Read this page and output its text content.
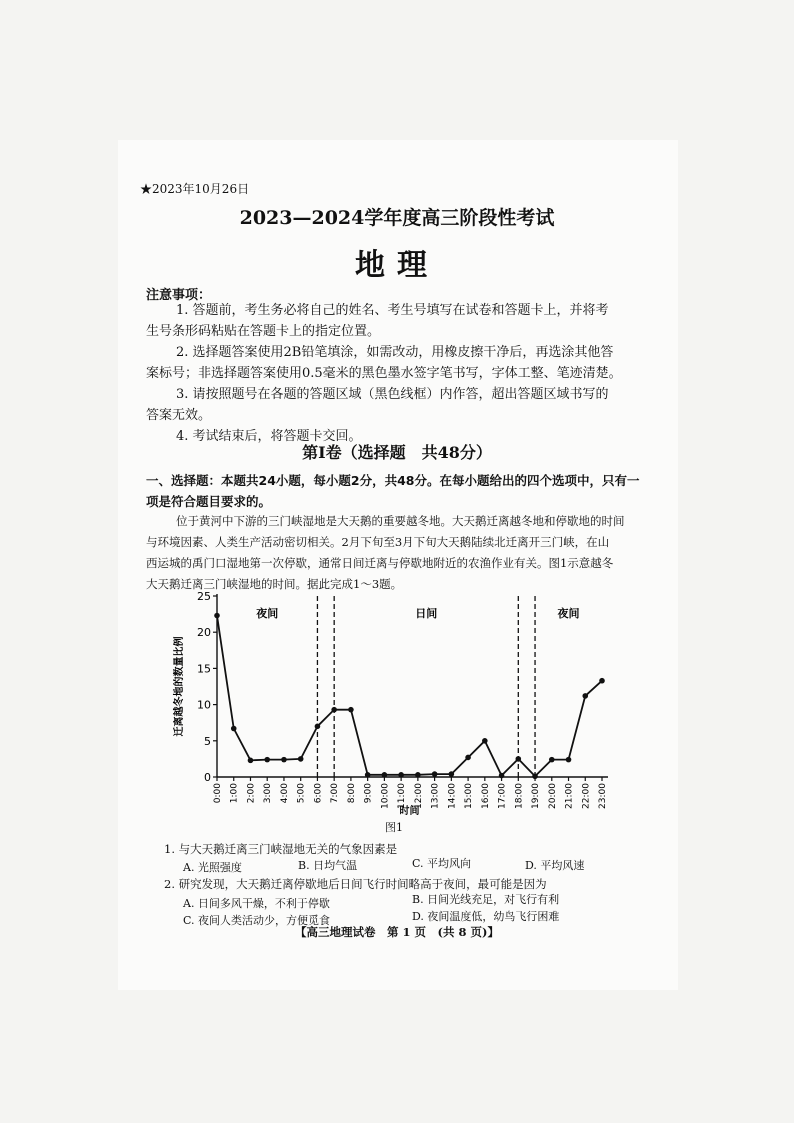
★2023年10月26日
2023—2024学年度高三阶段性考试
地理
注意事项：
1. 答题前，考生务必将自己的姓名、考生号填写在试卷和答题卡上，并将考
生号条形码粘贴在答题卡上的指定位置。
2. 选择题答案使用2B铅笔填涂，如需改动，用橡皮擦干净后，再选涂其他答
案标号；非选择题答案使用0.5毫米的黑色墨水签字笔书写，字体工整、笔迹清楚。
3. 请按照题号在各题的答题区域（黑色线框）内作答，超出答题区域书写的
答案无效。
4. 考试结束后，将答题卡交回。
第Ⅰ卷（选择题　共48分）
一、选择题：本题共24小题，每小题2分，共48分。在每小题给出的四个选项中，只有一
项是符合题目要求的。
位于黄河中下游的三门峡湿地是大天鹅的重要越冬地。大天鹅迁离越冬地和停歇地的时间
与环境因素、人类生产活动密切相关。2月下旬至3月下旬大天鹅陆续北迁离开三门峡，在山
西运城的禹门口湿地第一次停歇，通常日间迁离与停歇地附近的农渔作业有关。图1示意越冬
大天鹅迁离三门峡湿地的时间。据此完成1～3题。
0
5
10
15
20
25
0:00 1:00 2:00 3:00 4:00 5:00 6:00 7:00 8:00 9:00 10:00 11:00 12:00 13:00 14:00 15:00 16:00 17:00 18:00 19:00 20:00 21:00 22:00 23:00
夜间	日间	夜间
迁离越冬地的数量比例
时间
图1
1. 与大天鹅迁离三门峡湿地无关的气象因素是
A. 光照强度	B. 日均气温	C. 平均风向	D. 平均风速
2. 研究发现，大天鹅迁离停歇地后日间飞行时间略高于夜间，最可能是因为
A. 日间多风干燥，不利于停歇	B. 日间光线充足，对飞行有利
C. 夜间人类活动少，方便觅食	D. 夜间温度低，幼鸟飞行困难
【高三地理试卷　第 1 页　(共 8 页)】
